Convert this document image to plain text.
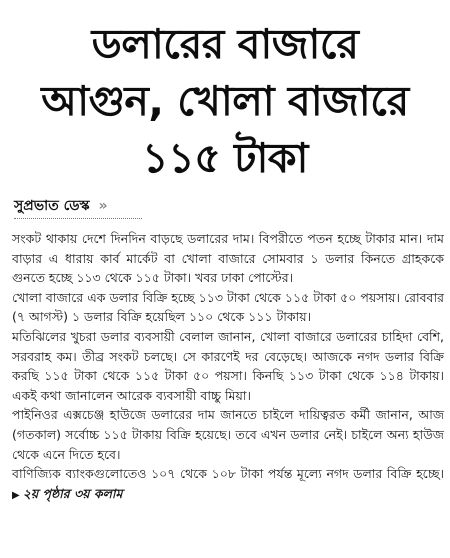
ডলারের বাজারে
আগুন, খোলা বাজারে
১১৫ টাকা
সুপ্রভাত ডেস্ক »

সংকট থাকায় দেশে দিনদিন বাড়ছে ডলারের দাম। বিপরীতে পতন হচ্ছে টাকার মান। দাম বাড়ার এ ধারায় কার্ব মার্কেট বা খোলা বাজারে সোমবার ১ ডলার কিনতে গ্রাহককে গুনতে হচ্ছে ১১৩ থেকে ১১৫ টাকা। খবর ঢাকা পোস্টের।

খোলা বাজারে এক ডলার বিক্রি হচ্ছে ১১৩ টাকা থেকে ১১৫ টাকা ৫০ পয়সায়। রোববার (৭ আগস্ট) ১ ডলার বিক্রি হয়েছিল ১১০ থেকে ১১১ টাকায়।

মতিঝিলের খুচরা ডলার ব্যবসায়ী বেলাল জানান, খোলা বাজারে ডলারের চাহিদা বেশি, সরবরাহ কম। তীব্র সংকট চলছে। সে কারণেই দর বেড়েছে। আজকে নগদ ডলার বিক্রি করছি ১১৫ টাকা থেকে ১১৫ টাকা ৫০ পয়সা। কিনছি ১১৩ টাকা থেকে ১১৪ টাকায়। একই কথা জানালেন আরেক ব্যবসায়ী বাচ্চু মিয়া।

পাইনিওর এক্সচেঞ্জ হাউজে ডলারের দাম জানতে চাইলে দায়িত্বরত কর্মী জানান, আজ (গতকাল) সর্বোচ্চ ১১৫ টাকায় বিক্রি হয়েছে। তবে এখন ডলার নেই। চাইলে অন্য হাউজ থেকে এনে দিতে হবে।

বাণিজ্যিক ব্যাংকগুলোতেও ১০৭ থেকে ১০৮ টাকা পর্যন্ত মূল্যে নগদ ডলার বিক্রি হচ্ছে। ▶ ২য় পৃষ্ঠার ৩য় কলাম
